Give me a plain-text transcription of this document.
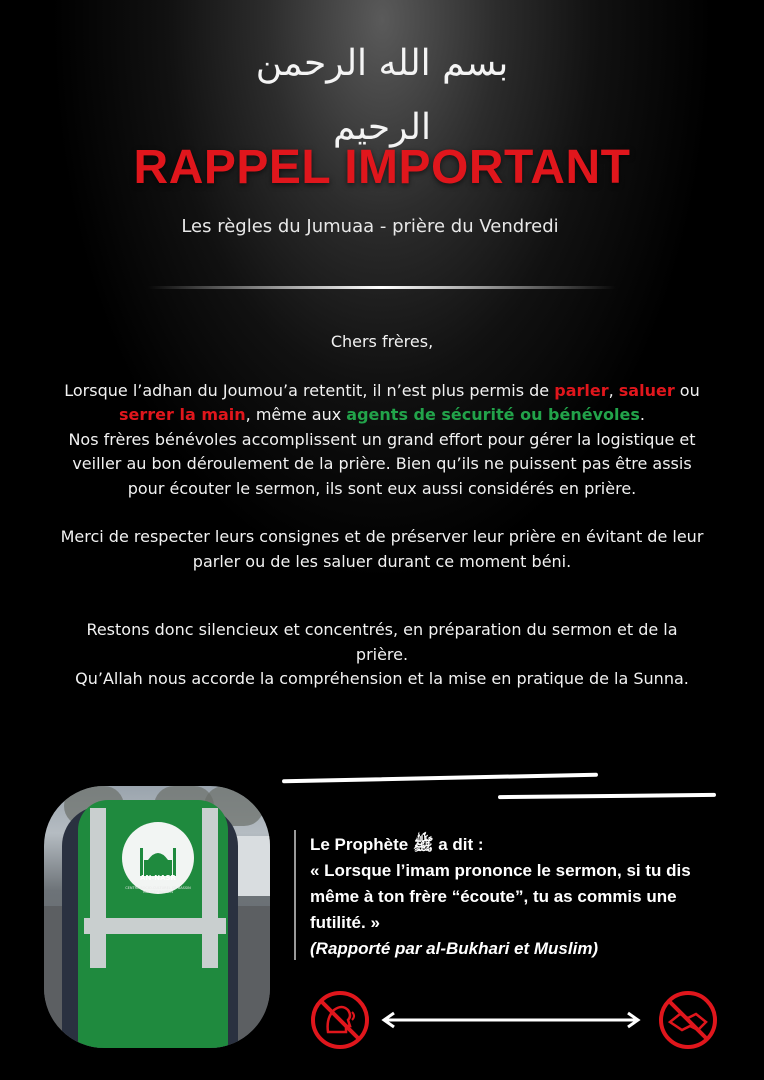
بسم الله الرحمن الرحيم
RAPPEL IMPORTANT
Les règles du Jumuaa - prière du Vendredi

Chers frères,

Lorsque l’adhan du Joumou’a retentit, il n’est plus permis de parler, saluer ou serrer la main, même aux agents de sécurité ou bénévoles.

Nos frères bénévoles accomplissent un grand effort pour gérer la logistique et veiller au bon déroulement de la prière. Bien qu’ils ne puissent pas être assis pour écouter le sermon, ils sont eux aussi considérés en prière.

Merci de respecter leurs consignes et de préserver leur prière en évitant de leur parler ou de les saluer durant ce moment béni.

Restons donc silencieux et concentrés, en préparation du sermon et de la prière.

Qu’Allah nous accorde la compréhension et la mise en pratique de la Sunna.

AN-NASR
CENTRE SOCIO-CULTUREL DE BASSIN MÉDITERRANÉEN

Le Prophète ﷺ a dit :

« Lorsque l’imam prononce le sermon, si tu dis même à ton frère “écoute”, tu as commis une futilité. »

(Rapporté par al-Bukhari et Muslim)
